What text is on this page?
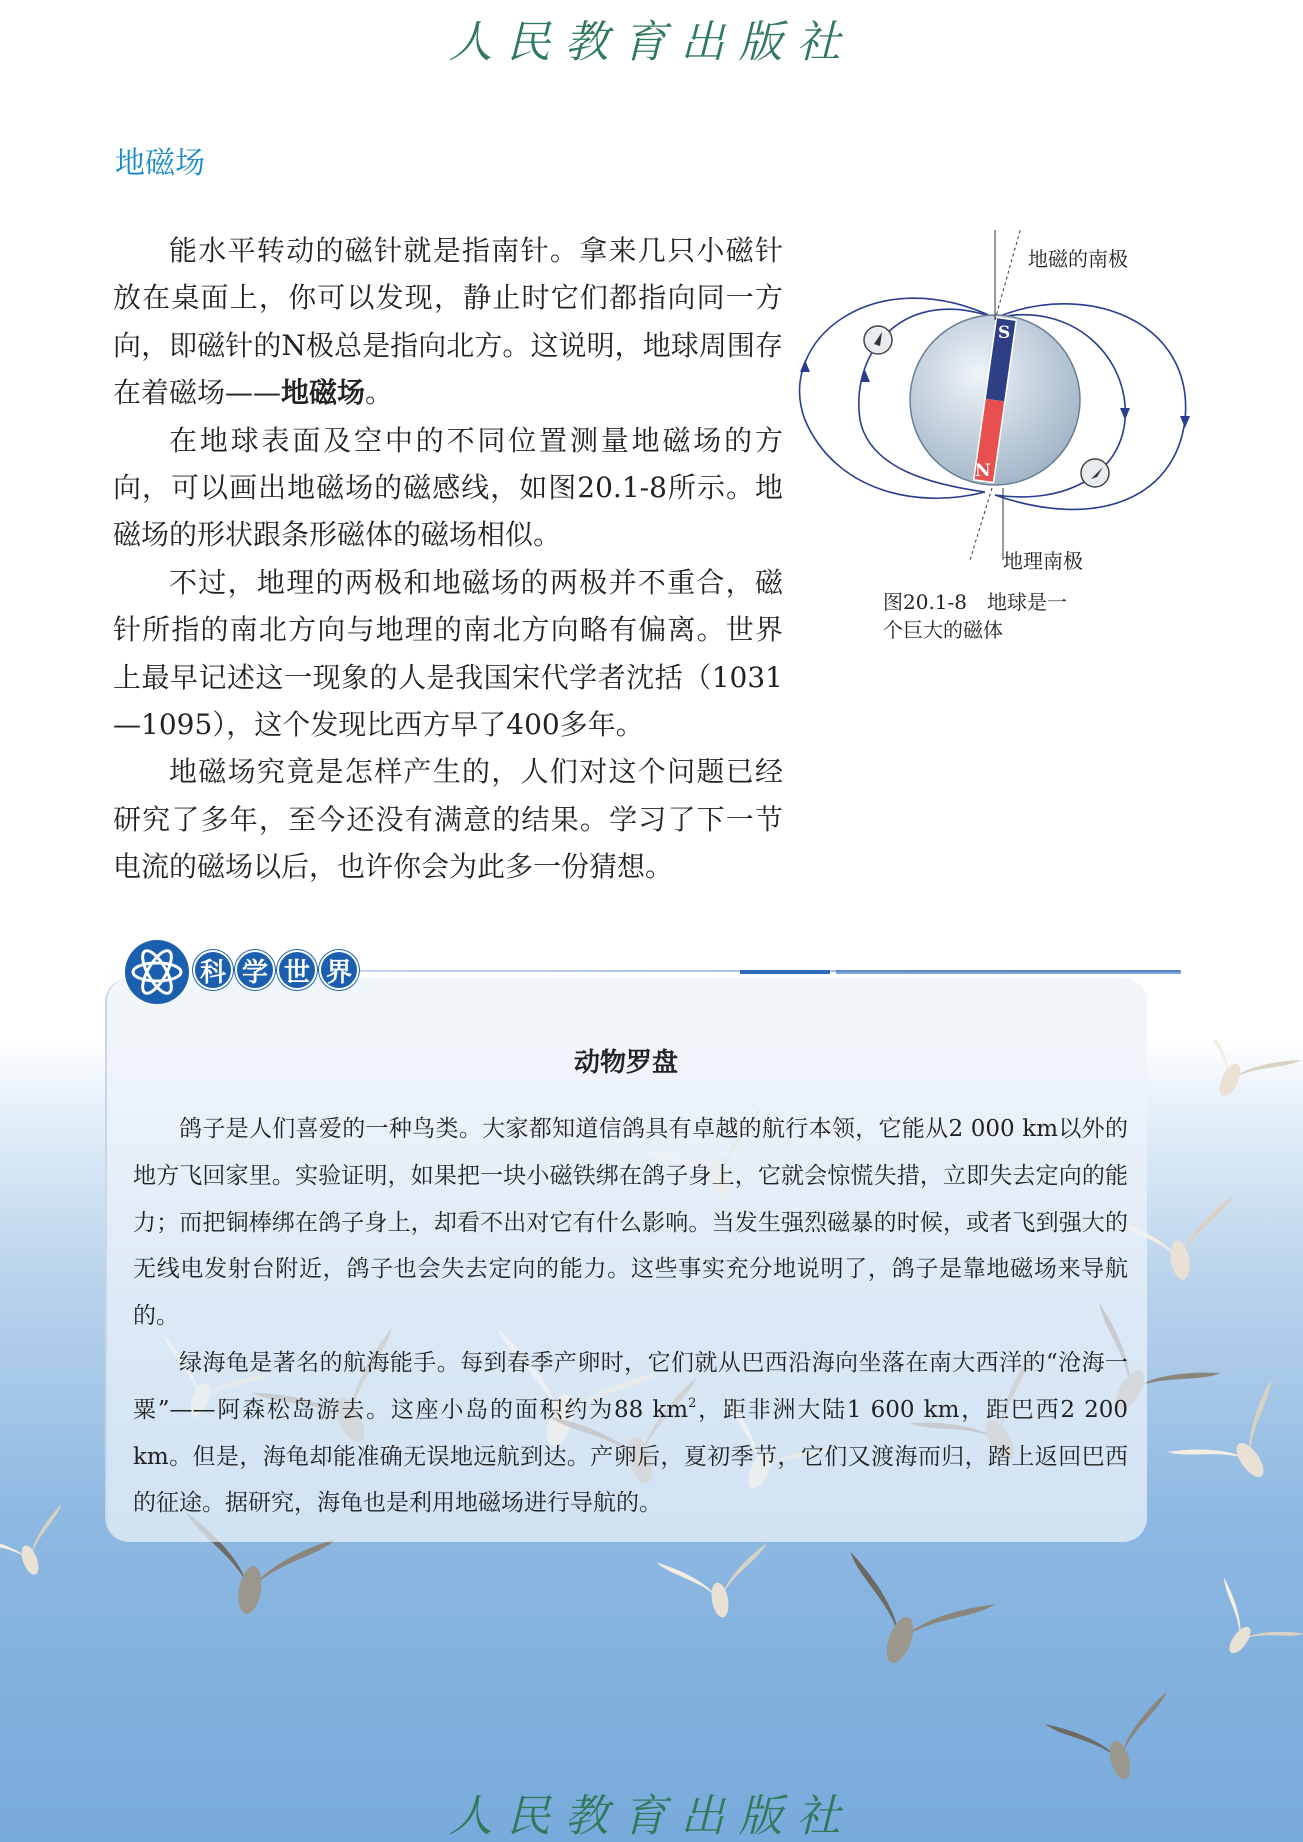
人民教育出版社
地磁场

能水平转动的磁针就是指南针。拿来几只小磁针放在桌面上，你可以发现，静止时它们都指向同一方向，即磁针的N极总是指向北方。这说明，地球周围存在着磁场——地磁场。

在地球表面及空中的不同位置测量地磁场的方向，可以画出地磁场的磁感线，如图20.1-8所示。地磁场的形状跟条形磁体的磁场相似。

不过，地理的两极和地磁场的两极并不重合，磁针所指的南北方向与地理的南北方向略有偏离。世界上最早记述这一现象的人是我国宋代学者沈括（1031—1095），这个发现比西方早了400多年。

地磁场究竟是怎样产生的，人们对这个问题已经研究了多年，至今还没有满意的结果。学习了下一节电流的磁场以后，也许你会为此多一份猜想。

S
N
地磁的南极
地理南极
图20.1-8　地球是一
个巨大的磁体
科 学 世 界
动物罗盘

鸽子是人们喜爱的一种鸟类。大家都知道信鸽具有卓越的航行本领，它能从2 000 km以外的地方飞回家里。实验证明，如果把一块小磁铁绑在鸽子身上，它就会惊慌失措，立即失去定向的能力；而把铜棒绑在鸽子身上，却看不出对它有什么影响。当发生强烈磁暴的时候，或者飞到强大的无线电发射台附近，鸽子也会失去定向的能力。这些事实充分地说明了，鸽子是靠地磁场来导航的。

绿海龟是著名的航海能手。每到春季产卵时，它们就从巴西沿海向坐落在南大西洋的“沧海一粟”——阿森松岛游去。这座小岛的面积约为88 $km^2$，距非洲大陆1 600 km，距巴西2 200 km。但是，海龟却能准确无误地远航到达。产卵后，夏初季节，它们又渡海而归，踏上返回巴西的征途。据研究，海龟也是利用地磁场进行导航的。

人民教育出版社
